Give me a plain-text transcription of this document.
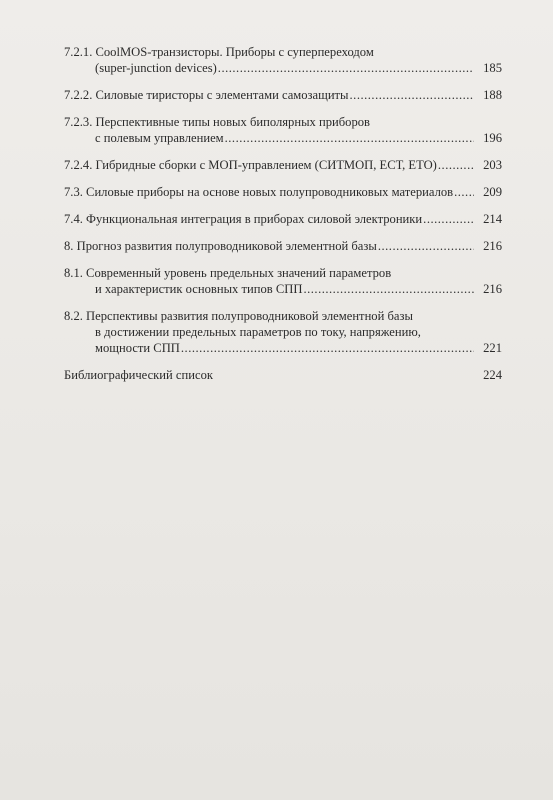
7.2.1. CoolMOS-транзисторы. Приборы с суперпереходом
(super-junction devices) .....	185
7.2.2. Силовые тиристоры с элементами самозащиты .....	188
7.2.3. Перспективные типы новых биполярных приборов
с полевым управлением .....	196
7.2.4. Гибридные сборки с МОП-управлением (СИТМОП, ЕСТ, ЕТО) .....	203
7.3. Силовые приборы на основе новых полупроводниковых материалов .....	209
7.4. Функциональная интеграция в приборах силовой электроники .....	214
8. Прогноз развития полупроводниковой элементной базы .....	216
8.1. Современный уровень предельных значений параметров
и характеристик основных типов СПП .....	216
8.2. Перспективы развития полупроводниковой элементной базы
в достижении предельных параметров по току, напряжению,
мощности СПП .....	221
Библиографический список	224
